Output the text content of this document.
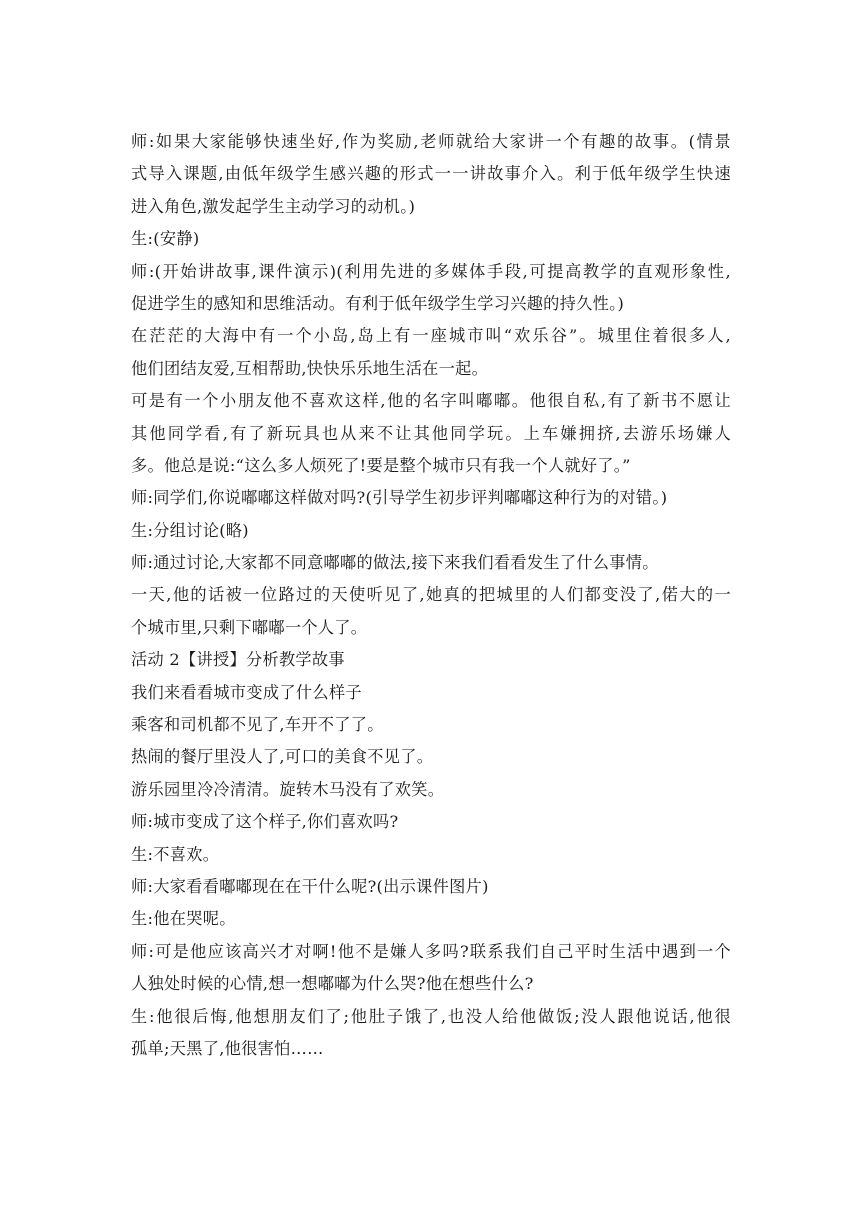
师:如果大家能够快速坐好,作为奖励,老师就给大家讲一个有趣的故事。(情景
式导入课题,由低年级学生感兴趣的形式一一讲故事介入。利于低年级学生快速
进入角色,激发起学生主动学习的动机。)
生:(安静)
师:(开始讲故事,课件演示)(利用先进的多媒体手段,可提高教学的直观形象性,
促进学生的感知和思维活动。有利于低年级学生学习兴趣的持久性。)
在茫茫的大海中有一个小岛,岛上有一座城市叫“欢乐谷”。城里住着很多人,
他们团结友爱,互相帮助,快快乐乐地生活在一起。
可是有一个小朋友他不喜欢这样,他的名字叫嘟嘟。他很自私,有了新书不愿让
其他同学看,有了新玩具也从来不让其他同学玩。上车嫌拥挤,去游乐场嫌人
多。他总是说:“这么多人烦死了!要是整个城市只有我一个人就好了。”
师:同学们,你说嘟嘟这样做对吗?(引导学生初步评判嘟嘟这种行为的对错。)
生:分组讨论(略)
师:通过讨论,大家都不同意嘟嘟的做法,接下来我们看看发生了什么事情。
一天,他的话被一位路过的天使听见了,她真的把城里的人们都变没了,偌大的一
个城市里,只剩下嘟嘟一个人了。
活动 2【讲授】分析教学故事
我们来看看城市变成了什么样子
乘客和司机都不见了,车开不了了。
热闹的餐厅里没人了,可口的美食不见了。
游乐园里冷冷清清。旋转木马没有了欢笑。
师:城市变成了这个样子,你们喜欢吗?
生:不喜欢。
师:大家看看嘟嘟现在在干什么呢?(出示课件图片)
生:他在哭呢。
师:可是他应该高兴才对啊!他不是嫌人多吗?联系我们自己平时生活中遇到一个
人独处时候的心情,想一想嘟嘟为什么哭?他在想些什么?
生:他很后悔,他想朋友们了;他肚子饿了,也没人给他做饭;没人跟他说话,他很
孤单;天黑了,他很害怕……
